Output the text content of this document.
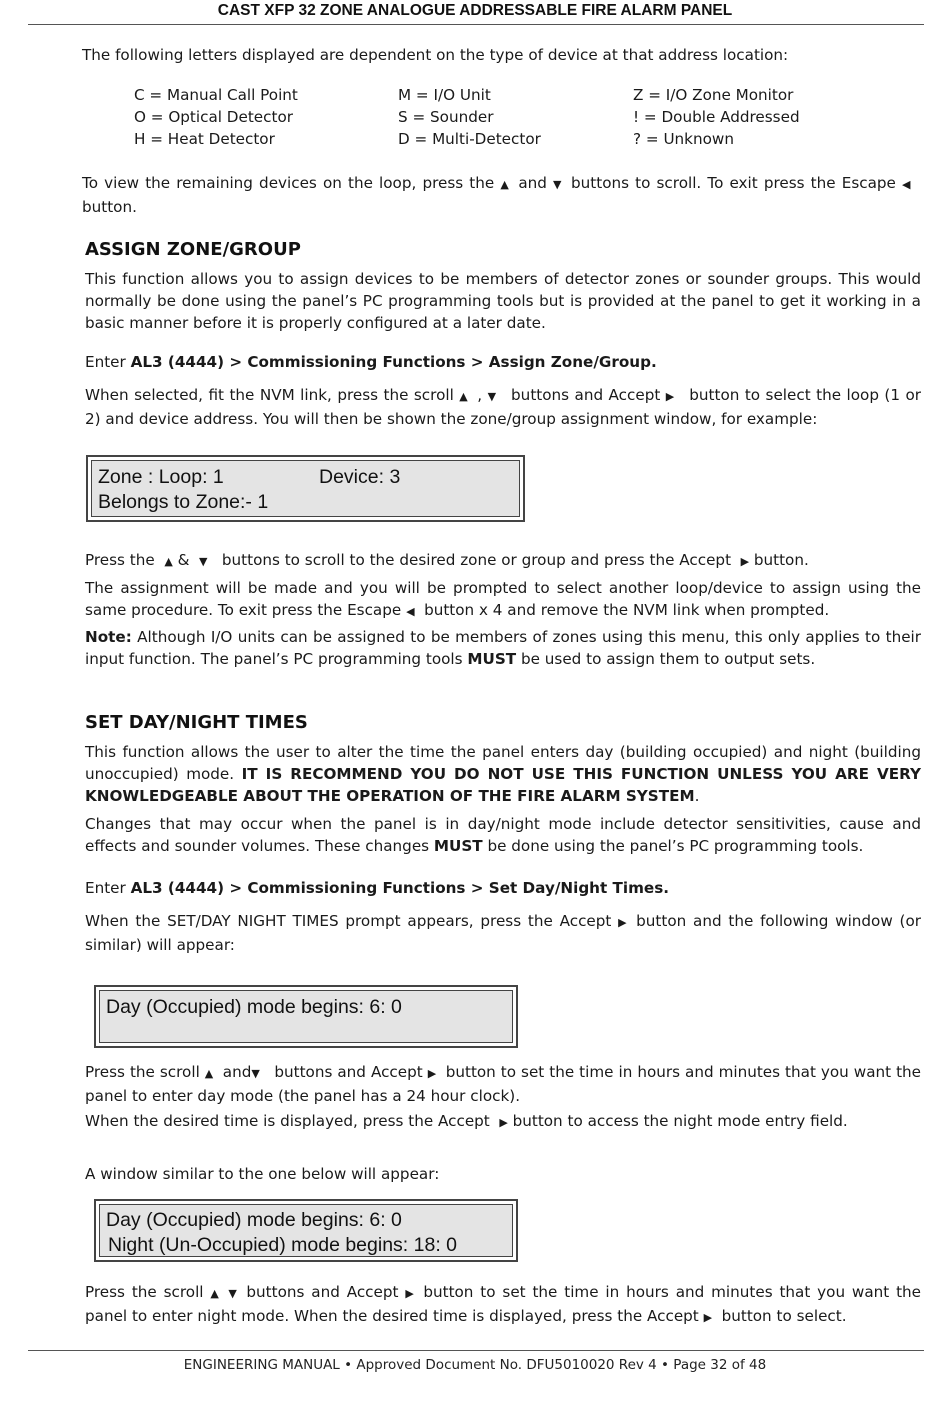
CAST XFP 32 ZONE ANALOGUE ADDRESSABLE FIRE ALARM PANEL
The following letters displayed are dependent on the type of device at that address location:
C = Manual Call Point
O = Optical Detector
H = Heat Detector
M = I/O Unit
S = Sounder
D = Multi-Detector
Z = I/O Zone Monitor
! = Double Addressed
? = Unknown
To view the remaining devices on the loop, press the ▲ and ▼ buttons to scroll. To exit press the Escape ◀button.
ASSIGN ZONE/GROUP
This function allows you to assign devices to be members of detector zones or sounder groups. This would normally be done using the panel’s PC programming tools but is provided at the panel to get it working in a basic manner before it is properly configured at a later date.
Enter AL3 (4444) > Commissioning Functions > Assign Zone/Group.
When selected, fit the NVM link, press the scroll ▲ , ▼ buttons and Accept ▶ button to select the loop (1 or 2) and device address. You will then be shown the zone/group assignment window, for example:
Zone : Loop: 1	Device: 3
Belongs to Zone:- 1
Press the ▲ & ▼ buttons to scroll to the desired zone or group and press the Accept ▶ button.
The assignment will be made and you will be prompted to select another loop/device to assign using the same procedure. To exit press the Escape ◀ button x 4 and remove the NVM link when prompted.
Note: Although I/O units can be assigned to be members of zones using this menu, this only applies to their input function. The panel’s PC programming tools MUST be used to assign them to output sets.
SET DAY/NIGHT TIMES
This function allows the user to alter the time the panel enters day (building occupied) and night (building unoccupied) mode. IT IS RECOMMEND YOU DO NOT USE THIS FUNCTION UNLESS YOU ARE VERY KNOWLEDGEABLE ABOUT THE OPERATION OF THE FIRE ALARM SYSTEM.
Changes that may occur when the panel is in day/night mode include detector sensitivities, cause and effects and sounder volumes. These changes MUST be done using the panel’s PC programming tools.
Enter AL3 (4444) > Commissioning Functions > Set Day/Night Times.
When the SET/DAY NIGHT TIMES prompt appears, press the Accept ▶ button and the following window (or similar) will appear:
Day (Occupied) mode begins: 6: 0
Press the scroll ▲ and▼ buttons and Accept ▶ button to set the time in hours and minutes that you want the panel to enter day mode (the panel has a 24 hour clock).
When the desired time is displayed, press the Accept ▶ button to access the night mode entry field.
A window similar to the one below will appear:
Day (Occupied) mode begins: 6: 0
Night (Un-Occupied) mode begins: 18: 0
Press the scroll ▲ ▼ buttons and Accept ▶ button to set the time in hours and minutes that you want the panel to enter night mode. When the desired time is displayed, press the Accept ▶ button to select.
ENGINEERING MANUAL • Approved Document No. DFU5010020 Rev 4 • Page 32 of 48
